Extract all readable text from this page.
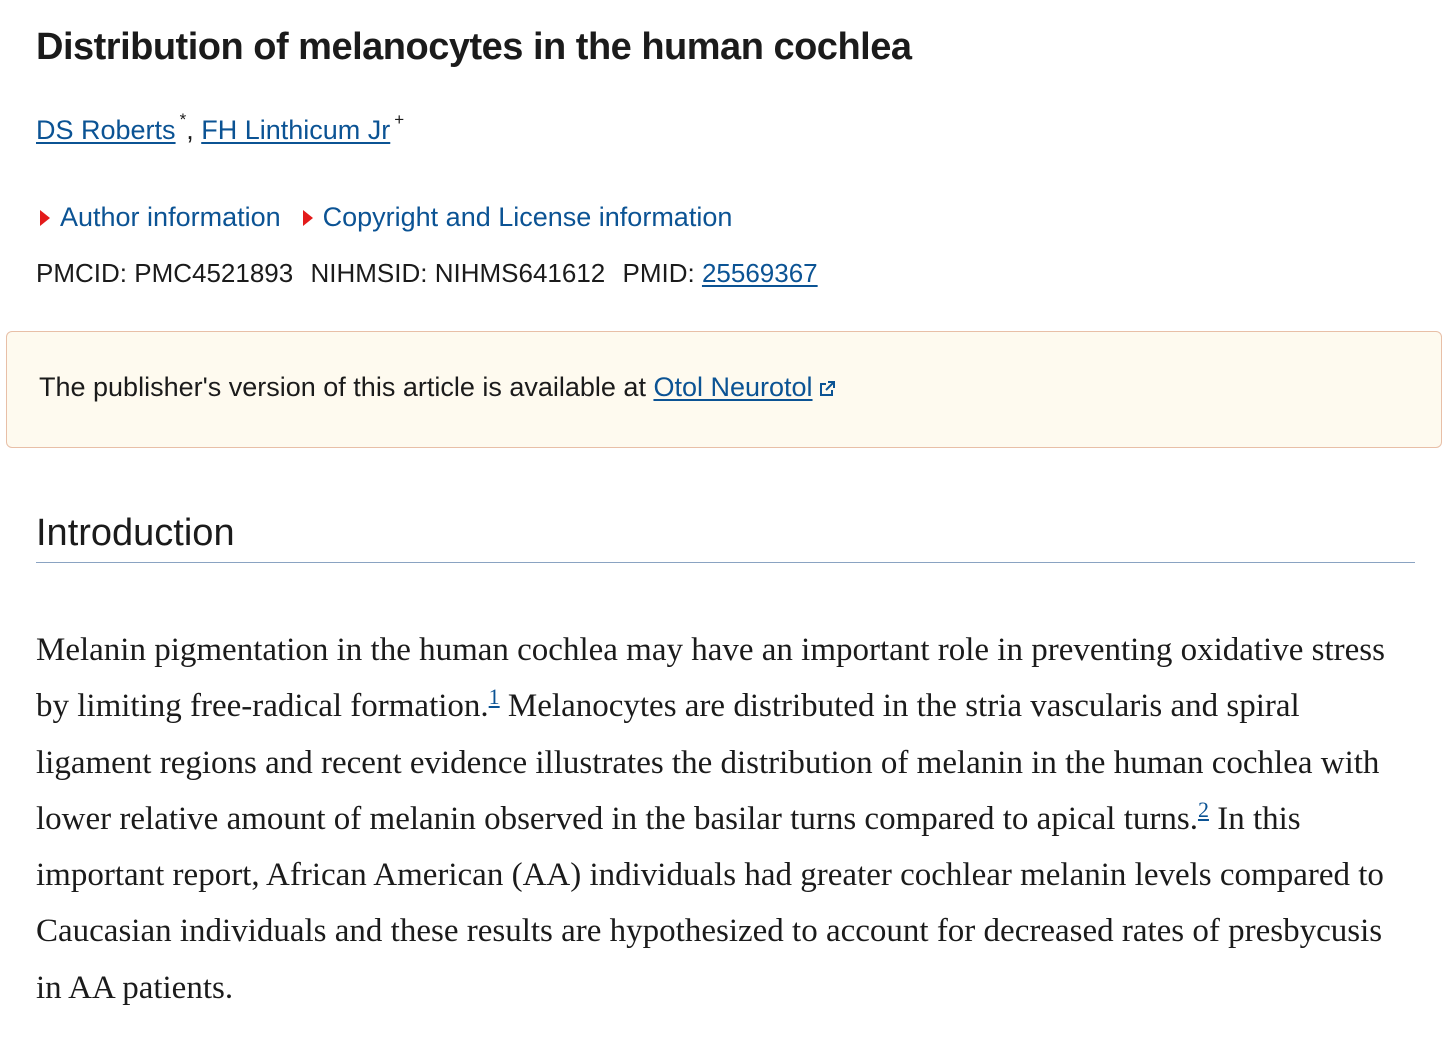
Distribution of melanocytes in the human cochlea
DS Roberts *, FH Linthicum Jr +
Author information Copyright and License information
PMCID: PMC4521893 NIHMSID: NIHMS641612 PMID: 25569367
The publisher's version of this article is available at Otol Neurotol
Introduction

Melanin pigmentation in the human cochlea may have an important role in preventing oxidative stress by limiting free-radical formation.$^1$ Melanocytes are distributed in the stria vascularis and spiral ligament regions and recent evidence illustrates the distribution of melanin in the human cochlea with lower relative amount of melanin observed in the basilar turns compared to apical turns.$^2$ In this important report, African American (AA) individuals had greater cochlear melanin levels compared to Caucasian individuals and these results are hypothesized to account for decreased rates of presbycusis in AA patients.
